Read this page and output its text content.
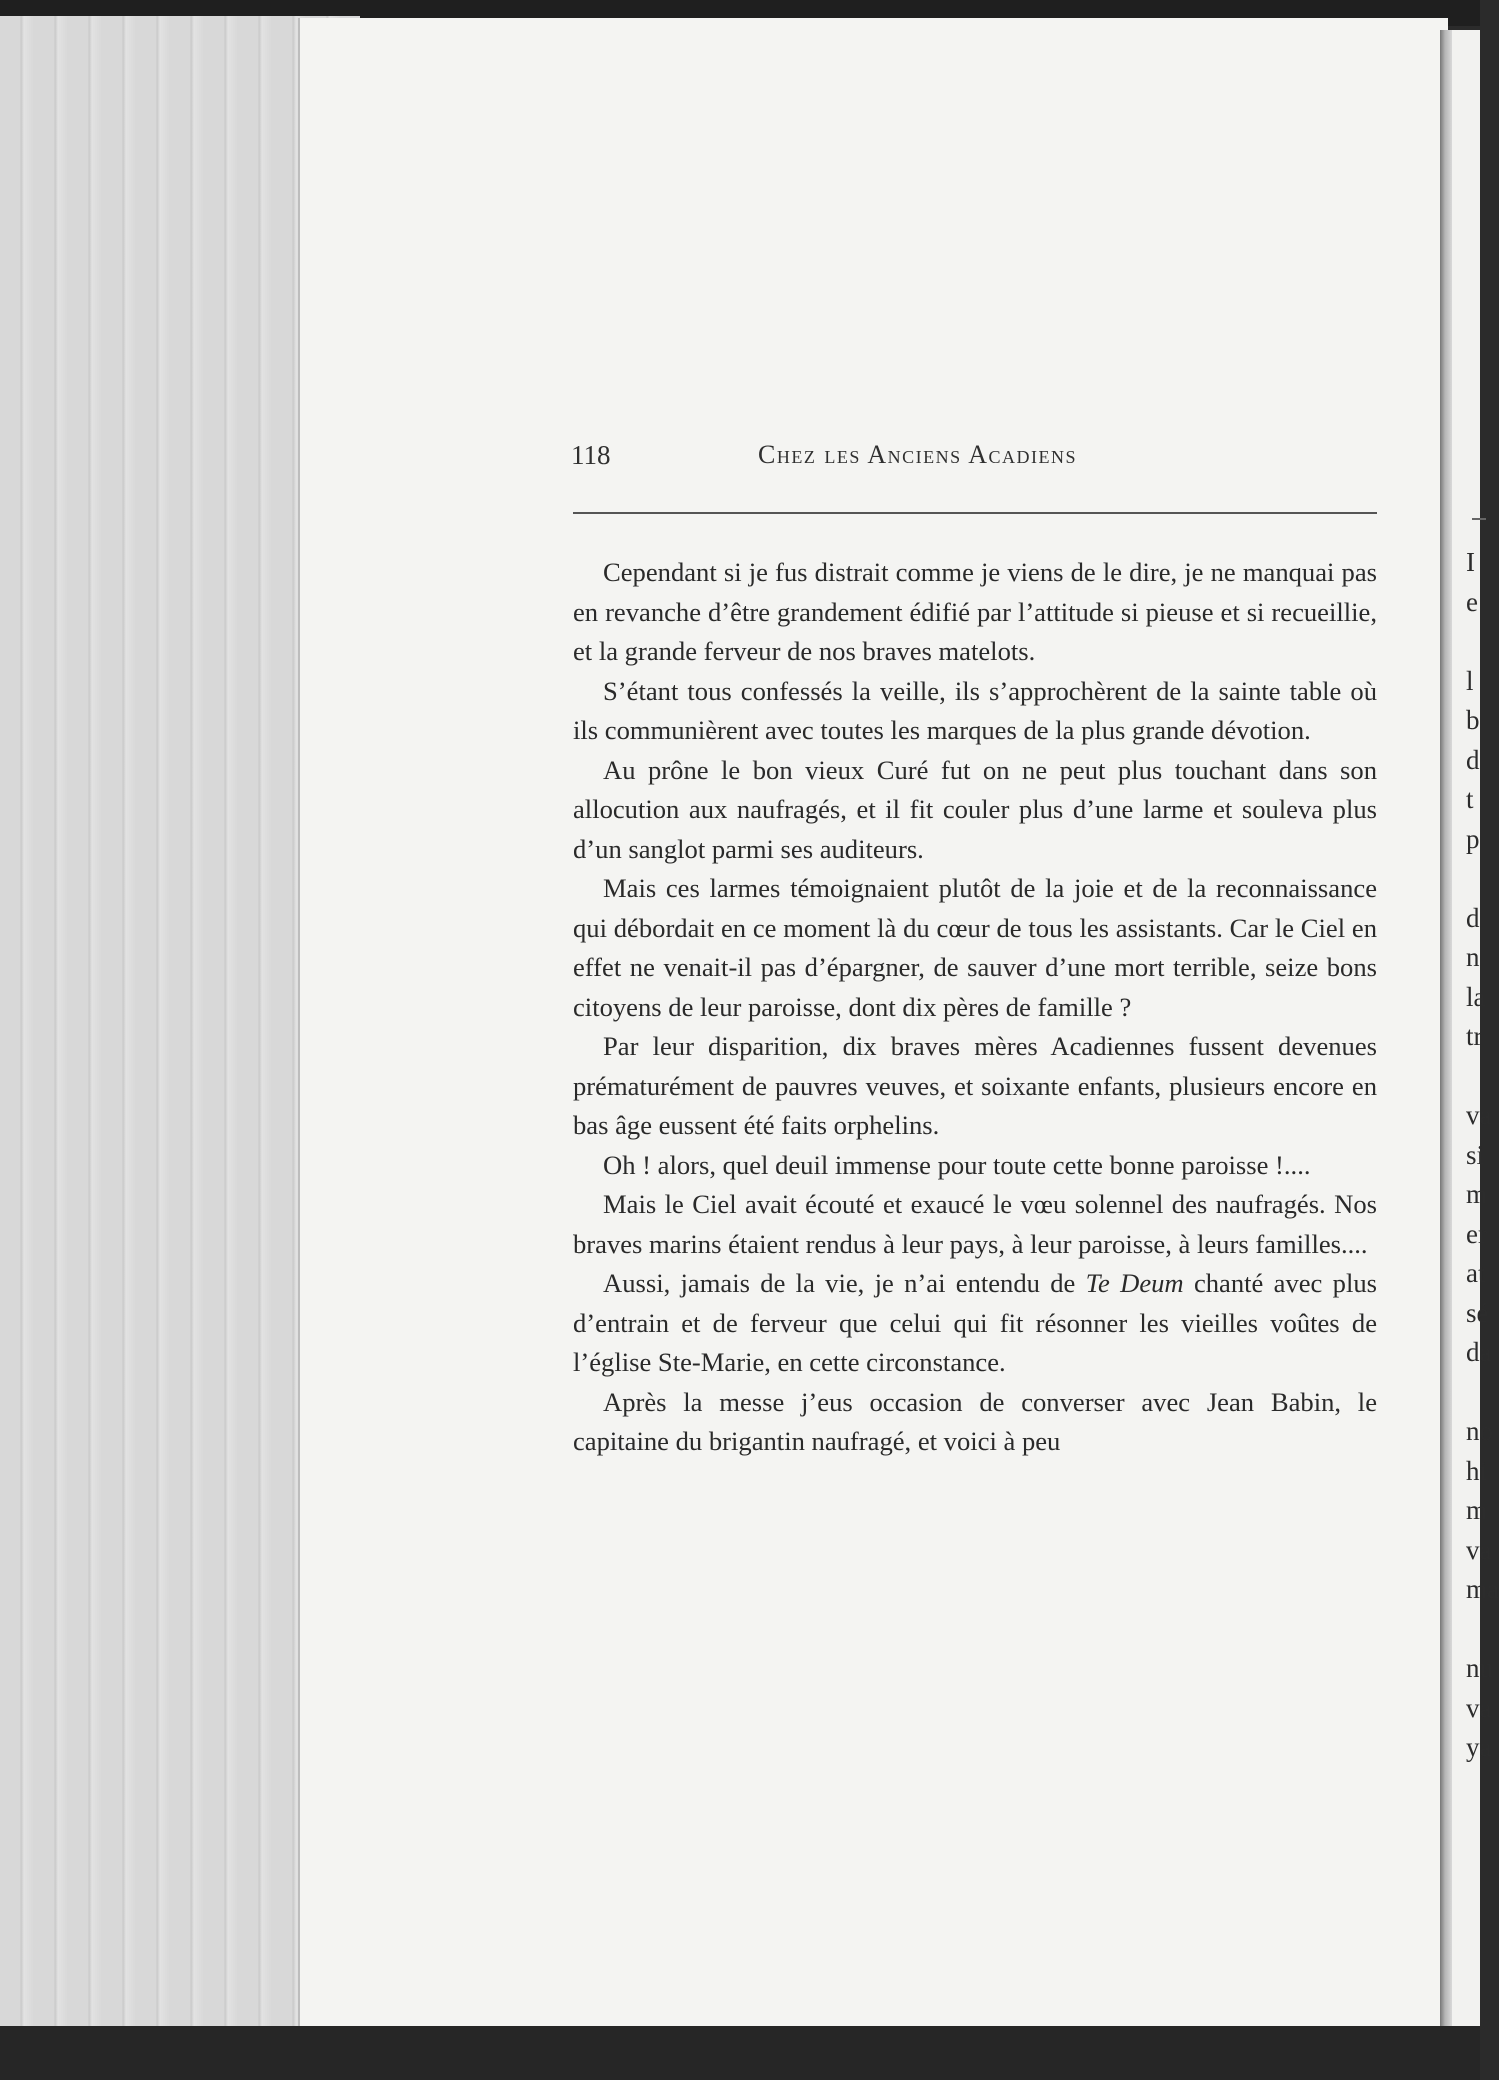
118	Chez les Anciens Acadiens

Cependant si je fus distrait comme je viens de le dire, je ne manquai pas en revanche d’être grandement édifié par l’attitude si pieuse et si recueillie, et la grande ferveur de nos braves matelots.

S’étant tous confessés la veille, ils s’approchèrent de la sainte table où ils communièrent avec toutes les marques de la plus grande dévotion.

Au prône le bon vieux Curé fut on ne peut plus touchant dans son allocution aux naufragés, et il fit couler plus d’une larme et souleva plus d’un sanglot parmi ses auditeurs.

Mais ces larmes témoignaient plutôt de la joie et de la reconnaissance qui débordait en ce moment là du cœur de tous les assistants. Car le Ciel en effet ne venait-il pas d’épargner, de sauver d’une mort terrible, seize bons citoyens de leur paroisse, dont dix pères de famille ?

Par leur disparition, dix braves mères Acadiennes fussent devenues prématurément de pauvres veuves, et soixante enfants, plusieurs encore en bas âge eussent été faits orphelins.

Oh ! alors, quel deuil immense pour toute cette bonne paroisse !....

Mais le Ciel avait écouté et exaucé le vœu solennel des naufragés. Nos braves marins étaient rendus à leur pays, à leur paroisse, à leurs familles....

Aussi, jamais de la vie, je n’ai entendu de Te Deum chanté avec plus d’entrain et de ferveur que celui qui fit résonner les vieilles voûtes de l’église Ste-Marie, en cette circonstance.

Après la messe j’eus occasion de converser avec Jean Babin, le capitaine du brigantin naufragé, et voici à peu

I
e
l
b
d
t
p
d
n
la
tr
va
si
m
er
at
sé
da
no
hi
m
va
ma
nu
va
ya
